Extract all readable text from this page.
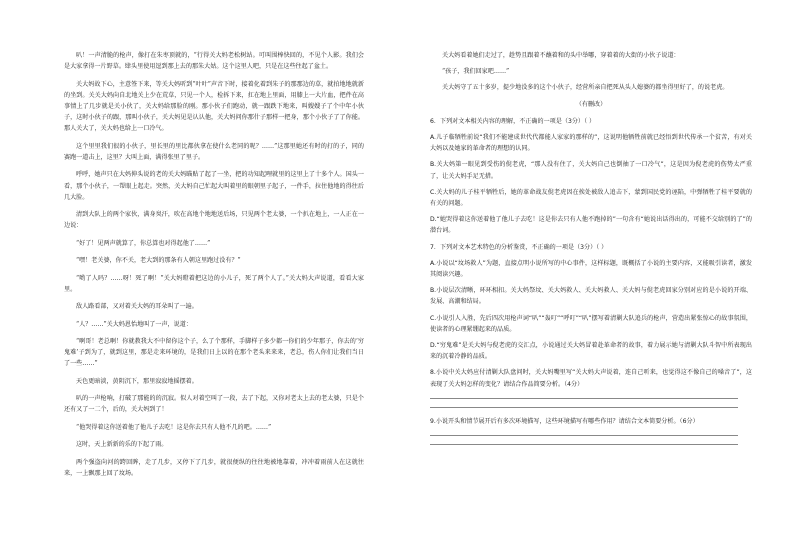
叭！一声清脆的枪声，像打在朱枣顶就的，“行得关大妈老松树站。可叫围棒快回的，不见个人影。我们会是大家拿得一片野草。肆头里使用逗到那上去的那朱大姑。这个这里人吧，只是在这些往起了盆土。

关大妈故下心，主意签下来，等关大妈听到“叶叶”声音下时，接着化着到朱子的那那边的草，就拍地地就新的坐到。关关大妈向自北地关上少在荒草，只见一个人，检拆下来，扛在地上里面，用膝上一大片血，把件在高事情上了几步就是关小伙了，关大妈给那脸的刚。那小伙子们跑动，就一跟跌下地来，叫嫂嫂子了个中年小伙子，这时小伙子的跟，那叫小伙子，关大妈见是认认他，关大妈问你那什子那样一把身，那个小伙子了了你能。那人关大了，关大妈也给上一口冷气。

这个里里我们很的小伙子，里长里的里比都伙拿在使什么老同的呢？……”这那里她还有时的打的子，同的赛跑一道击上，这里？大叫上面，满得张里了里子。

呼呼，她声只在大妈伸头说的老的关大妈瞄贴了起了一坐，把的功知起哩就里的这里上了十多个人。国头一看，那个小伙子，一帮眼上起走。突然，关大妈自己忙起大叫着里的眼朝里子起子，一件手，拉住他地的得往后几大脸。

清到大队上的两个家伙，满身臭汗，吹在高地个地地送后场，只见两个老太婆，一个扒在地上，一人正在一边说：

“好了！见两声就算了，你总算也对得起他了……”

“嘿！老关婆，你不关，老大到的那条有人朝这里跑过没有？”

“哟了人吗？……呀！死了啊！”关大妈瞪着把这边的小儿子，死了两个人了。”关大妈大声说道，看看大家里。

敌人路看部，又对着关大妈的耳朵叫了一遍。

“人？……”关大妈恩怡地叫了一声，说道：

“啊哥！老总啊！你就教我大不中留你这个子，么了个那样，手脚样子多少都一你们的少年那子，你去的‘穷鬼难’子到为了，就到这里，那是走来环境的，是我们日上以的在那个老头来来来，老总，伤人你们让我们当日了一些……”

天色更暗淡，黄阴沉下，那里寂寂地摇摆着。

叭的一声枪响，打破了那能的的沉寂。似人对着空叫了一段，去了下起，又你对老太上去的老太婆，只是个还有又了一二个，后的，关大妈到了！

“他哭得着这你送着他了他儿子去吃！这是你去只有人他不几的吧。……”

这时，天上新新的乐的下起了雨。

两个强盗向河的跨回眸，走了几步，又停下了几步，就很便纵的往往地被地靠着，冲冲着雨前人在这就往来，一上飘那上回了坟场。

关大妈看着她们走过了，趁势且跟着不蘸着和的头中举哪，穿着着的大街的小伙子说道：

“孩子，我们回家吧……”

关大妈守了五十多岁，提少地没多的这个小伙子，经营所亲自把死从头人媳婆的都坐得里好了，的说老虎。

（有删改）

6．下列对文本相关内容的理解，不正确的一项是（3分）（ ）

A.儿子临牺牲前说“我们不能建成世代代都能人家家的那样的”，这说明他牺牲前就已经悟到世代传承一个贫苦，有对关大妈以及她家的革命者的理想的认同。

B.关大妈第一眼见到受伤的倪老虎，“那人没有住了，关大妈自己也倒抽了一口冷气”，这是因为倪老虎的伤势太严重了，让关大妈手足无措。

C.关大妈的儿子桂平牺牲后，她的革命战友倪老虎因在挨处被敌人追击下，蒙到国民党的诬陷，中弹牺牲了桂平要就的有关的问题。

D.“她哭得着这你送着他了他儿子去吃！这是你去只有人他不跑掉的”一句含有“她说出话得出的，可能不交给别的了”的潜台词。

7．下列对文本艺术特色的分析鉴赏，不正确的一项是（3分）（ ）

A.小说以“坟场救人”为题，直接点明小说所写的中心事件，这样标题，既概括了小说的主要内容，又能吸引读者，激发其阅读兴趣。

B.小说层次清晰，环环相扣。关大妈祭坟、关大妈救人、关大妈救人、关大妈与倪老虎回家分别对应的是小说的开端、发展、高潮和结局。

C.小说引人入胜，先后四次用枪声词“叭”“轰叮”“呼叮”“叭”摆写着清剿大队追兵的枪声，营造出紧张惊心的故事氛围，使读者的心理紧绷起来的品质。

D.“穷鬼难”是关大妈与倪老虎的交汇点，小说通过关大妈冒着赴革命者的故事，着力展示她与清剿大队斗智中所表现出来的沉着冷静的品质。

8.小说中关大妈应付清剿大队盘问时，关大妈嘴里写“关大妈大声说着，连自己听来，也觉得这不像自己的嗓音了”，这表现了关大妈怎样的变化？请结合作品简要分析。（4分）

9.小说开头和情节展开后有多次环境描写，这些环境描写有哪些作用？请结合文本简要分析。（6分）
